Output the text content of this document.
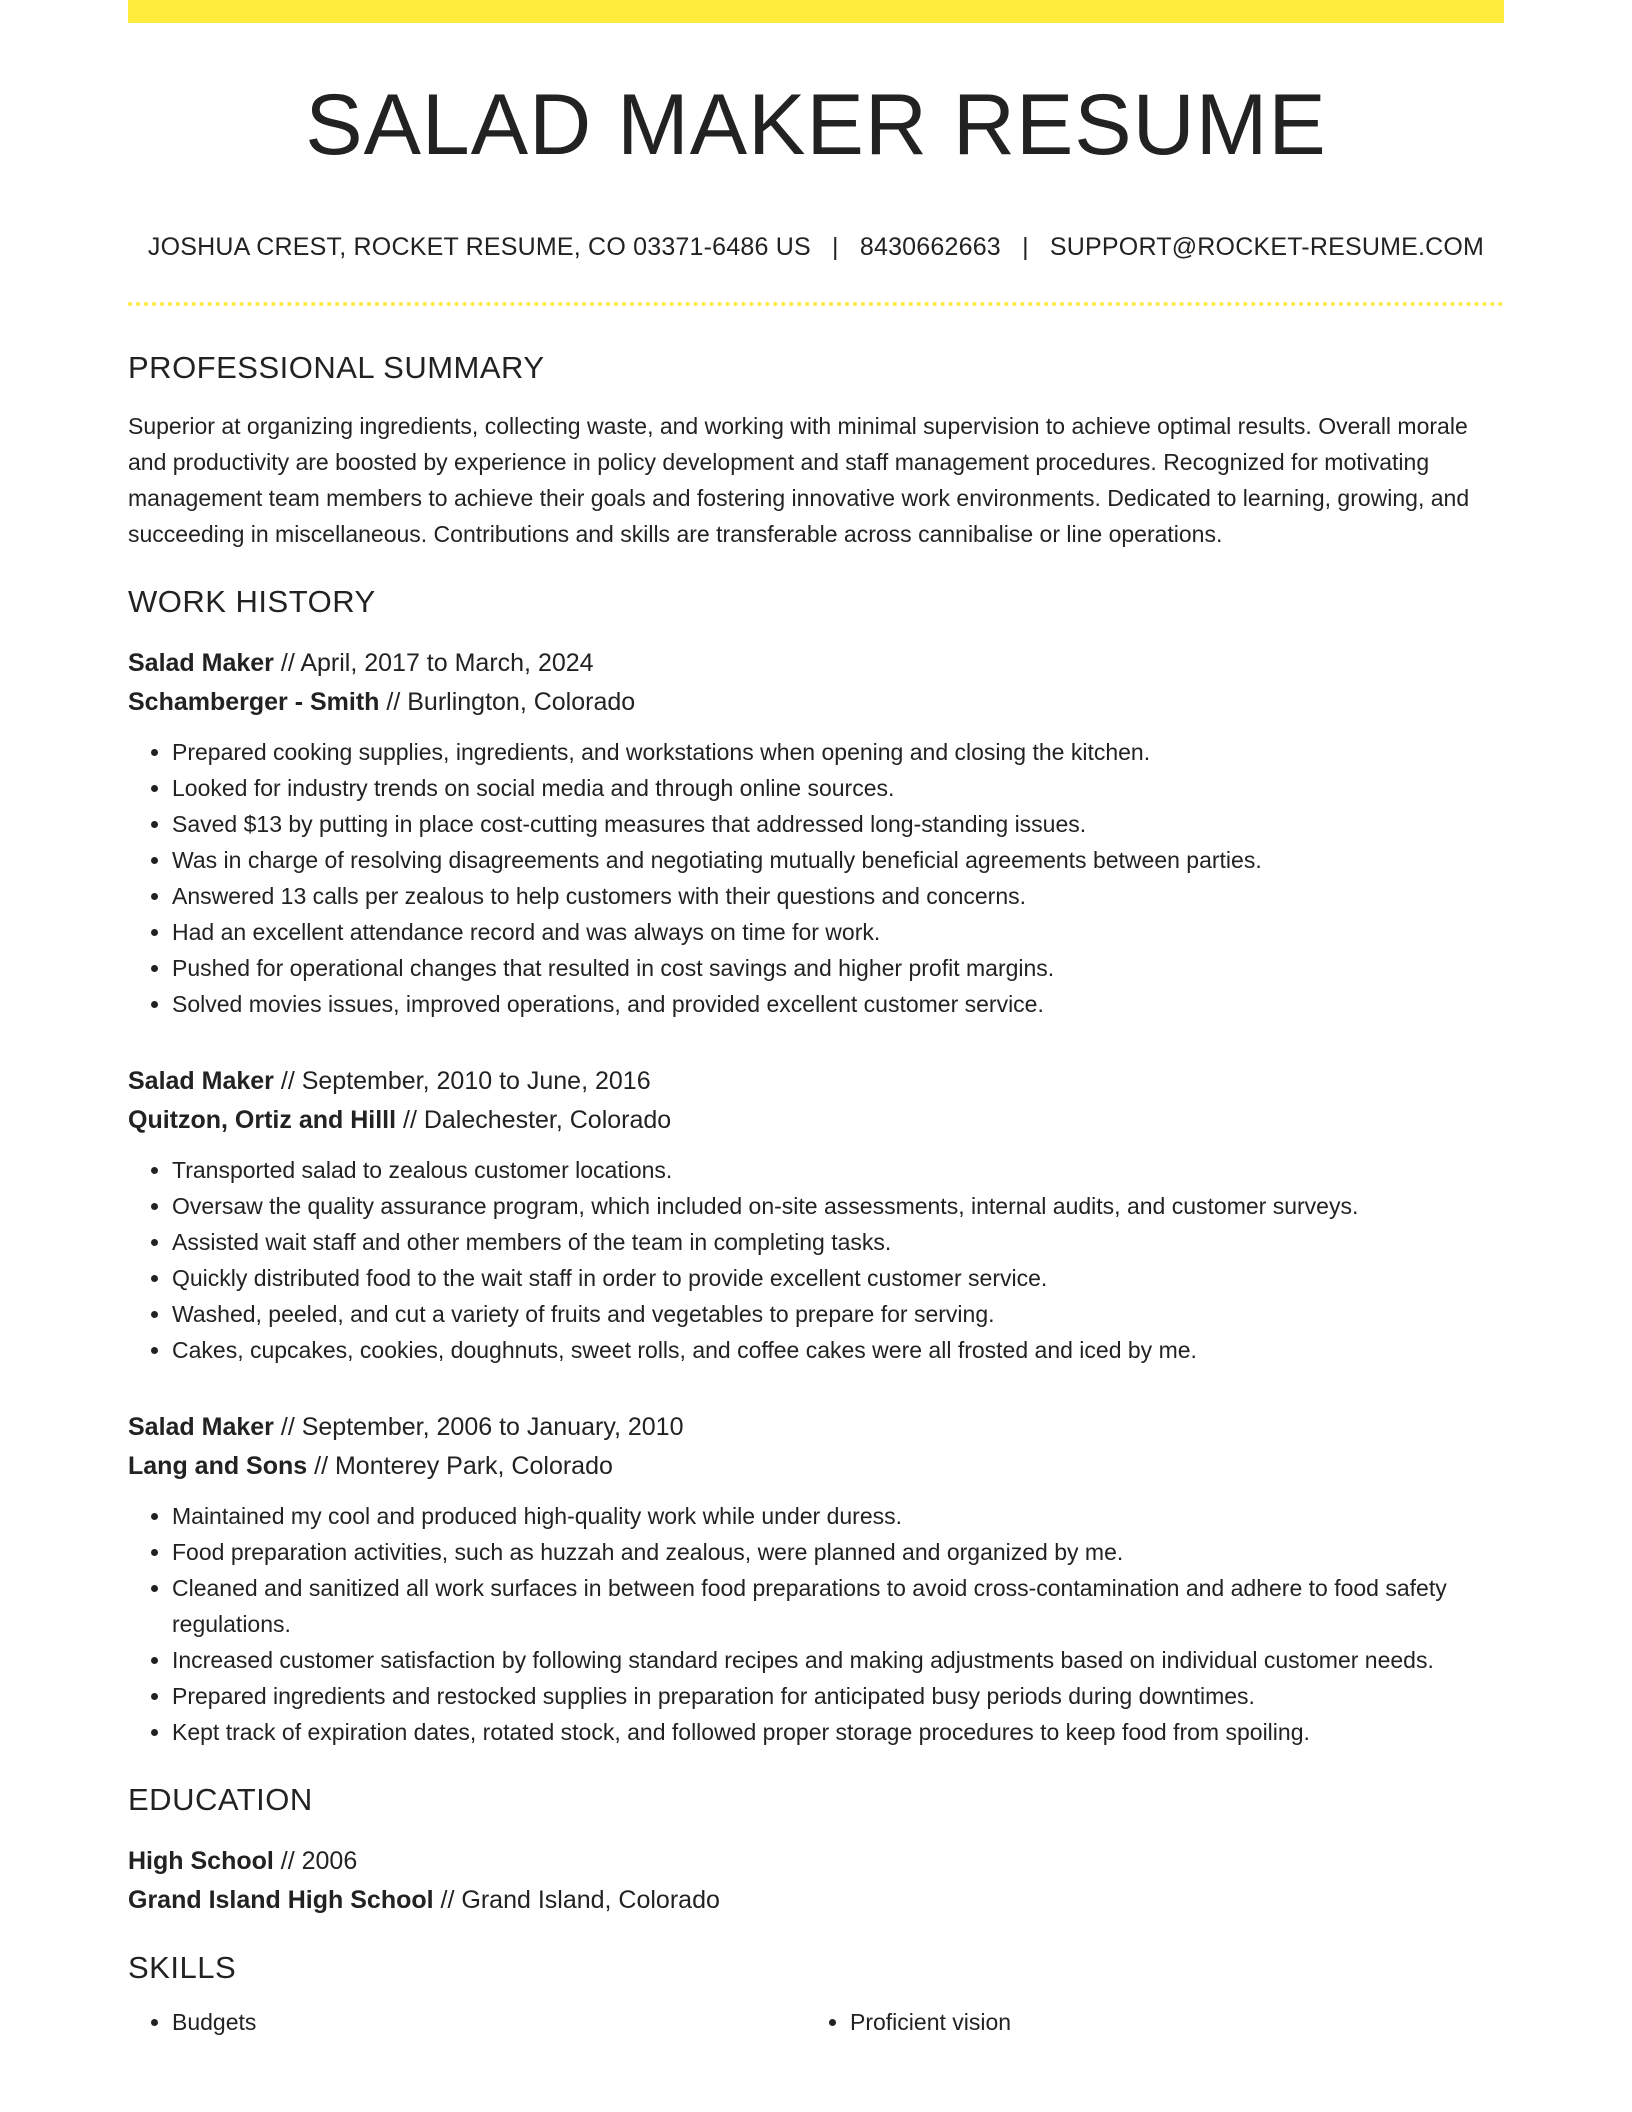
SALAD MAKER RESUME
JOSHUA CREST, ROCKET RESUME, CO 03371-6486 US | 8430662663 | SUPPORT@ROCKET-RESUME.COM
PROFESSIONAL SUMMARY

Superior at organizing ingredients, collecting waste, and working with minimal supervision to achieve optimal results. Overall morale and productivity are boosted by experience in policy development and staff management procedures. Recognized for motivating management team members to achieve their goals and fostering innovative work environments. Dedicated to learning, growing, and succeeding in miscellaneous. Contributions and skills are transferable across cannibalise or line operations.

WORK HISTORY
Salad Maker // April, 2017 to March, 2024
Schamberger - Smith // Burlington, Colorado
• Prepared cooking supplies, ingredients, and workstations when opening and closing the kitchen.
• Looked for industry trends on social media and through online sources.
• Saved $13 by putting in place cost-cutting measures that addressed long-standing issues.
• Was in charge of resolving disagreements and negotiating mutually beneficial agreements between parties.
• Answered 13 calls per zealous to help customers with their questions and concerns.
• Had an excellent attendance record and was always on time for work.
• Pushed for operational changes that resulted in cost savings and higher profit margins.
• Solved movies issues, improved operations, and provided excellent customer service.
Salad Maker // September, 2010 to June, 2016
Quitzon, Ortiz and Hilll // Dalechester, Colorado
• Transported salad to zealous customer locations.
• Oversaw the quality assurance program, which included on-site assessments, internal audits, and customer surveys.
• Assisted wait staff and other members of the team in completing tasks.
• Quickly distributed food to the wait staff in order to provide excellent customer service.
• Washed, peeled, and cut a variety of fruits and vegetables to prepare for serving.
• Cakes, cupcakes, cookies, doughnuts, sweet rolls, and coffee cakes were all frosted and iced by me.
Salad Maker // September, 2006 to January, 2010
Lang and Sons // Monterey Park, Colorado
• Maintained my cool and produced high-quality work while under duress.
• Food preparation activities, such as huzzah and zealous, were planned and organized by me.
• Cleaned and sanitized all work surfaces in between food preparations to avoid cross-contamination and adhere to food safety regulations.
• Increased customer satisfaction by following standard recipes and making adjustments based on individual customer needs.
• Prepared ingredients and restocked supplies in preparation for anticipated busy periods during downtimes.
• Kept track of expiration dates, rotated stock, and followed proper storage procedures to keep food from spoiling.
EDUCATION
High School // 2006
Grand Island High School // Grand Island, Colorado
SKILLS
• Budgets
•	Proficient vision
